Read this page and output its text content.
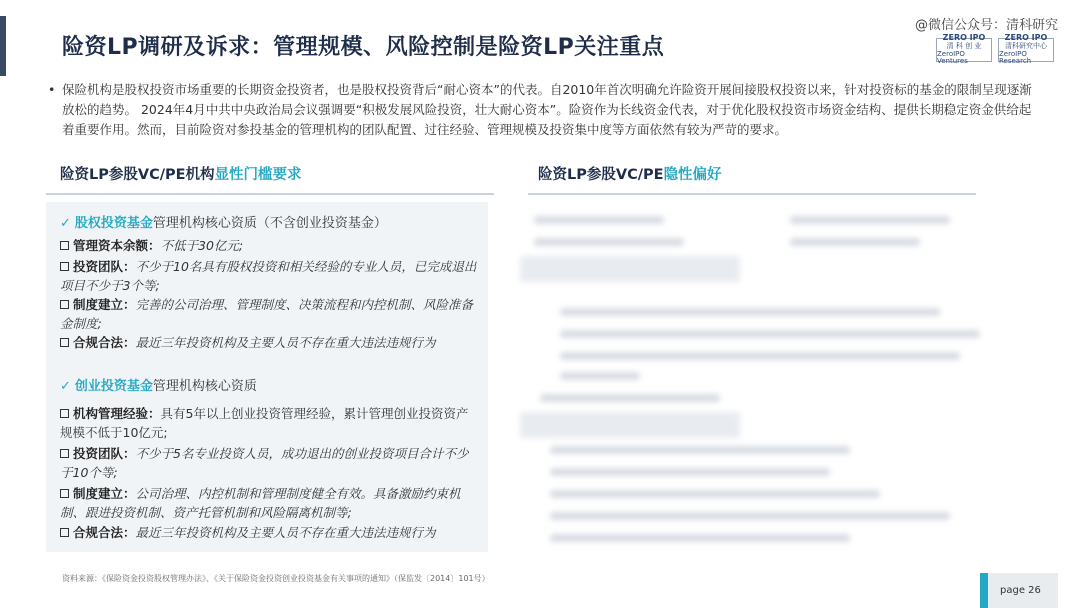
险资LP调研及诉求：管理规模、风险控制是险资LP关注重点
@微信公众号：清科研究
ZERO IPO
清 科 创 业
ZeroIPO Ventures
ZERO IPO
清科研究中心
ZeroIPO Research
• 保险机构是股权投资市场重要的长期资金投资者，也是股权投资背后“耐心资本”的代表。自2010年首次明确允许险资开展间接股权投资以来，针对投资标的基金的限制呈现逐渐放松的趋势。 2024年4月中共中央政治局会议强调要“积极发展风险投资，壮大耐心资本”。险资作为长线资金代表，对于优化股权投资市场资金结构、提供长期稳定资金供给起着重要作用。然而，目前险资对参投基金的管理机构的团队配置、过往经验、管理规模及投资集中度等方面依然有较为严苛的要求。
险资LP参股VC/PE机构显性门槛要求	险资LP参股VC/PE隐性偏好
✓ 股权投资基金管理机构核心资质（不含创业投资基金）
管理资本余额：不低于30亿元;
投资团队：不少于10名具有股权投资和相关经验的专业人员，已完成退出项目不少于3个等;
制度建立：完善的公司治理、管理制度、决策流程和内控机制、风险准备金制度;
合规合法：最近三年投资机构及主要人员不存在重大违法违规行为
✓ 创业投资基金管理机构核心资质
机构管理经验：具有5年以上创业投资管理经验，累计管理创业投资资产规模不低于10亿元;
投资团队：不少于5名专业投资人员，成功退出的创业投资项目合计不少于10个等;
制度建立：公司治理、内控机制和管理制度健全有效。具备激励约束机制、跟进投资机制、资产托管机制和风险隔离机制等;
合规合法：最近三年投资机构及主要人员不存在重大违法违规行为
资料来源：《保险资金投资股权管理办法》、《关于保险资金投资创业投资基金有关事项的通知》（保监发〔2014〕101号）
page 26
